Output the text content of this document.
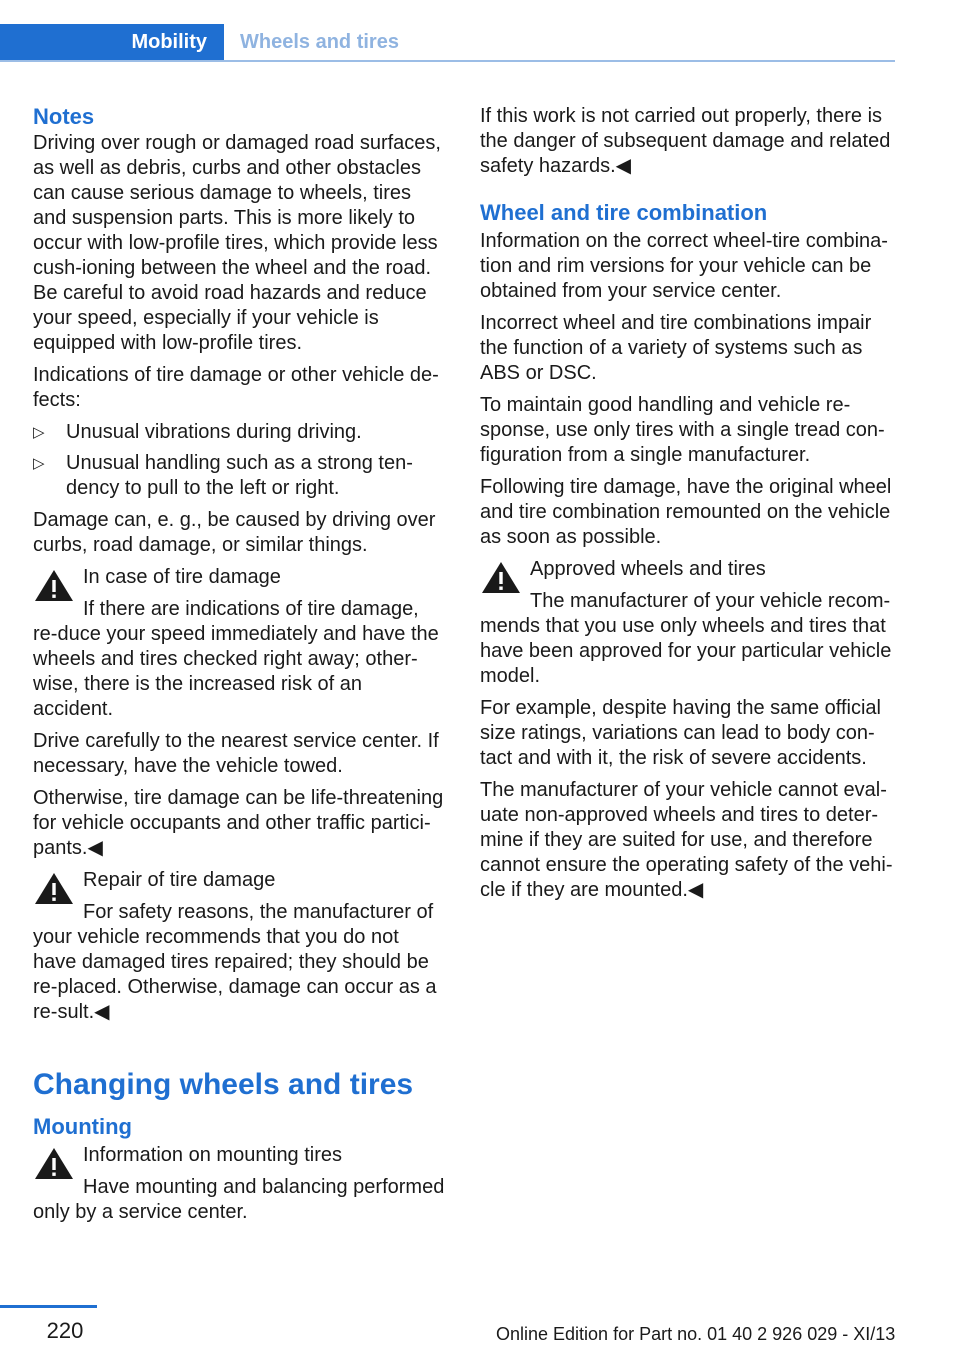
Mobility Wheels and tires
Notes

Driving over rough or damaged road surfaces, as well as debris, curbs and other obstacles can cause serious damage to wheels, tires and suspension parts. This is more likely to occur with low-profile tires, which provide less cush‐ioning between the wheel and the road. Be careful to avoid road hazards and reduce your speed, especially if your vehicle is equipped with low-profile tires.

Indications of tire damage or other vehicle de‐fects:

▷ Unusual vibrations during driving.
▷ Unusual handling such as a strong ten‐dency to pull to the left or right.

Damage can, e. g., be caused by driving over curbs, road damage, or similar things.

In case of tire damage
If there are indications of tire damage, re‐duce your speed immediately and have the wheels and tires checked right away; other‐wise, there is the increased risk of an accident.

Drive carefully to the nearest service center. If necessary, have the vehicle towed.

Otherwise, tire damage can be life-threatening for vehicle occupants and other traffic partici‐pants.◀

Repair of tire damage
For safety reasons, the manufacturer of your vehicle recommends that you do not have damaged tires repaired; they should be re‐placed. Otherwise, damage can occur as a re‐sult.◀
Changing wheels and tires
Mounting
Information on mounting tires
Have mounting and balancing performed only by a service center.

If this work is not carried out properly, there is the danger of subsequent damage and related safety hazards.◀

Wheel and tire combination

Information on the correct wheel-tire combina‐tion and rim versions for your vehicle can be obtained from your service center.

Incorrect wheel and tire combinations impair the function of a variety of systems such as ABS or DSC.

To maintain good handling and vehicle re‐sponse, use only tires with a single tread con‐figuration from a single manufacturer.

Following tire damage, have the original wheel and tire combination remounted on the vehicle as soon as possible.

Approved wheels and tires
The manufacturer of your vehicle recom‐mends that you use only wheels and tires that have been approved for your particular vehicle model.

For example, despite having the same official size ratings, variations can lead to body con‐tact and with it, the risk of severe accidents.

The manufacturer of your vehicle cannot eval‐uate non-approved wheels and tires to deter‐mine if they are suited for use, and therefore cannot ensure the operating safety of the vehi‐cle if they are mounted.◀

220	Online Edition for Part no. 01 40 2 926 029 - XI/13
